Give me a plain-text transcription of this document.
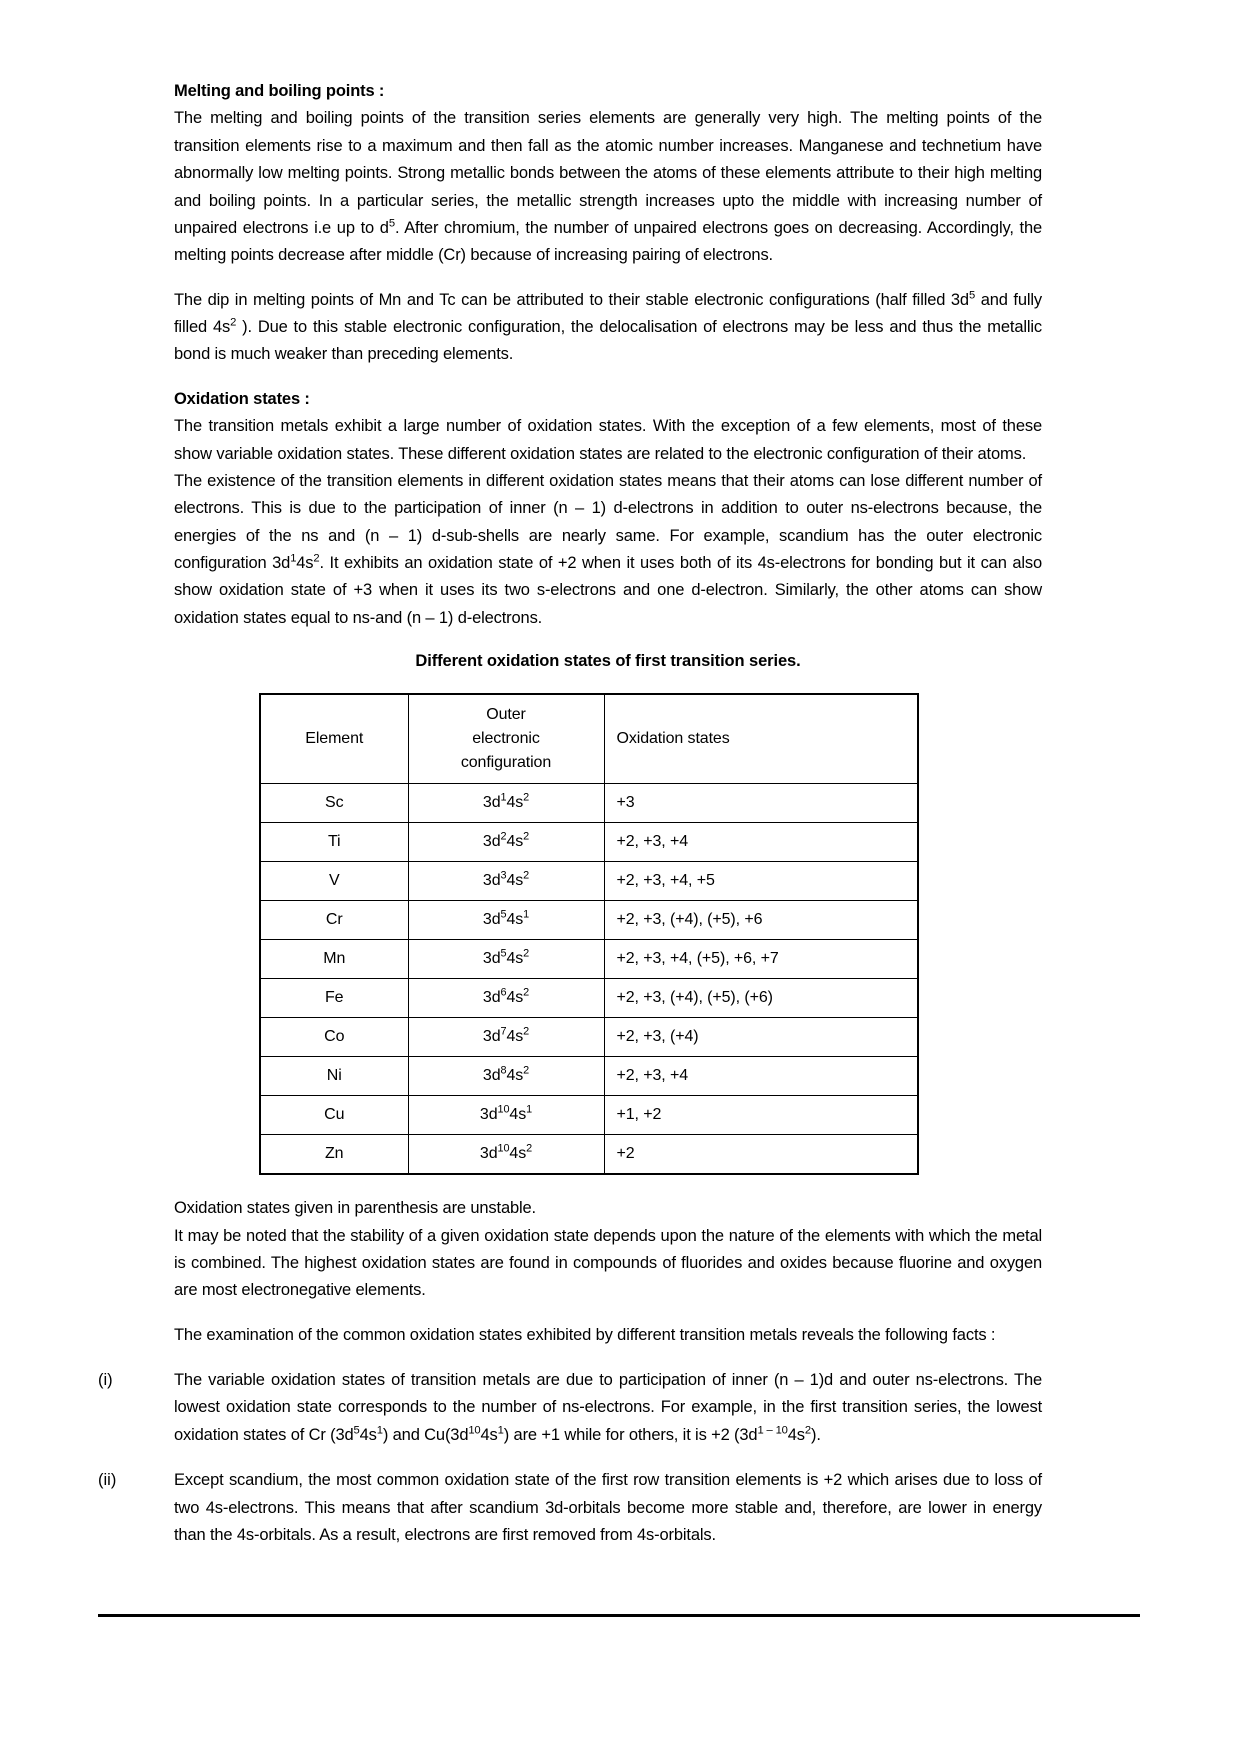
Melting and boiling points :

The melting and boiling points of the transition series elements are generally very high. The melting points of the transition elements rise to a maximum and then fall as the atomic number increases. Manganese and technetium have abnormally low melting points. Strong metallic bonds between the atoms of these elements attribute to their high melting and boiling points. In a particular series, the metallic strength increases upto the middle with increasing number of unpaired electrons i.e up to $d^5$. After chromium, the number of unpaired electrons goes on decreasing. Accordingly, the melting points decrease after middle (Cr) because of increasing pairing of electrons.

The dip in melting points of Mn and Tc can be attributed to their stable electronic configurations (half filled $3d^5$ and fully filled $4s^2$ ). Due to this stable electronic configuration, the delocalisation of electrons may be less and thus the metallic bond is much weaker than preceding elements.

Oxidation states :

The transition metals exhibit a large number of oxidation states. With the exception of a few elements, most of these show variable oxidation states. These different oxidation states are related to the electronic configuration of their atoms.

The existence of the transition elements in different oxidation states means that their atoms can lose different number of electrons. This is due to the participation of inner (n – 1) d-electrons in addition to outer ns-electrons because, the energies of the ns and (n – 1) d-sub-shells are nearly same. For example, scandium has the outer electronic configuration $3d^14s^2$. It exhibits an oxidation state of +2 when it uses both of its 4s-electrons for bonding but it can also show oxidation state of +3 when it uses its two s-electrons and one d-electron. Similarly, the other atoms can show oxidation states equal to ns-and (n – 1) d-electrons.

Different oxidation states of first transition series.
Element	Outer
electronic
configuration	Oxidation states
Sc	$3d^14s^2$	+3
Ti	$3d^24s^2$	+2, +3, +4
V	$3d^34s^2$	+2, +3, +4, +5
Cr	$3d^54s^1$	+2, +3, (+4), (+5), +6
Mn	$3d^54s^2$	+2, +3, +4, (+5), +6, +7
Fe	$3d^64s^2$	+2, +3, (+4), (+5), (+6)
Co	$3d^74s^2$	+2, +3, (+4)
Ni	$3d^84s^2$	+2, +3, +4
Cu	$3d^{10}4s^1$	+1, +2
Zn	$3d^{10}4s^2$	+2

Oxidation states given in parenthesis are unstable.

It may be noted that the stability of a given oxidation state depends upon the nature of the elements with which the metal is combined. The highest oxidation states are found in compounds of fluorides and oxides because fluorine and oxygen are most electronegative elements.

The examination of the common oxidation states exhibited by different transition metals reveals the following facts :

(i)	The variable oxidation states of transition metals are due to participation of inner (n – 1)d and outer ns-electrons. The lowest oxidation state corresponds to the number of ns-electrons. For example, in the first transition series, the lowest oxidation states of Cr $(3d^54s^1)$ and $Cu(3d^{10}4s^1)$ are +1 while for others, it is +2 $(3d^{1 - 10}4s^2)$.
(ii)	Except scandium, the most common oxidation state of the first row transition elements is +2 which arises due to loss of two 4s-electrons. This means that after scandium 3d-orbitals become more stable and, therefore, are lower in energy than the 4s-orbitals. As a result, electrons are first removed from 4s-orbitals.
